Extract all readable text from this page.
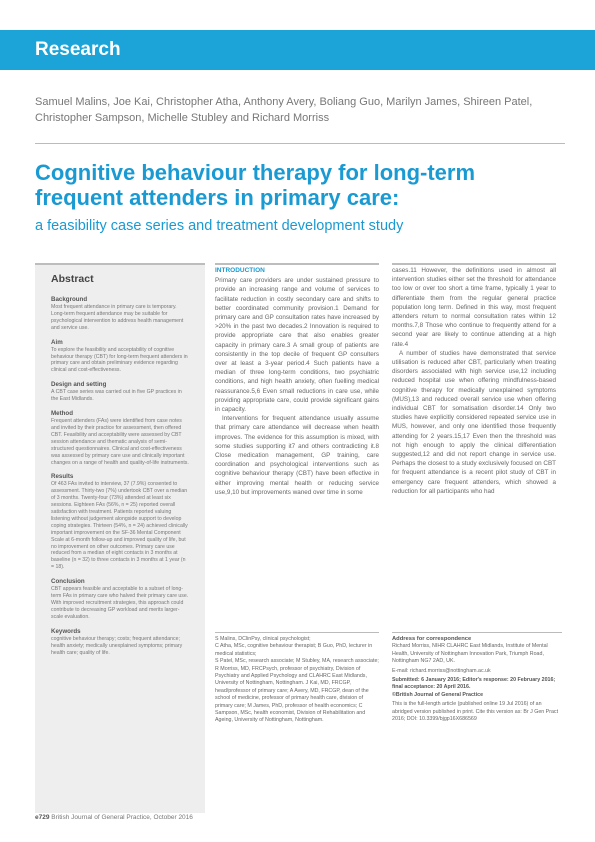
Research
Samuel Malins, Joe Kai, Christopher Atha, Anthony Avery, Boliang Guo, Marilyn James, Shireen Patel, Christopher Sampson, Michelle Stubley and Richard Morriss
Cognitive behaviour therapy for long-term frequent attenders in primary care:
a feasibility case series and treatment development study
Abstract
Background
Most frequent attendance in primary care is temporary. Long-term frequent attendance may be suitable for psychological intervention to address health management and service use.
Aim
To explore the feasibility and acceptability of cognitive behaviour therapy (CBT) for long-term frequent attenders in primary care and obtain preliminary evidence regarding clinical and cost-effectiveness.
Design and setting
A CBT case series was carried out in five GP practices in the East Midlands.
Method
Frequent attenders (FAs) were identified from case notes and invited by their practice for assessment, then offered CBT. Feasibility and acceptability were assessed by CBT session attendance and thematic analysis of semi-structured questionnaires. Clinical and cost-effectiveness was assessed by primary care use and clinically important changes on a range of health and quality-of-life instruments.
Results
Of 463 FAs invited to interview, 37 (7.9%) consented to assessment. Thirty-two (7%) undertook CBT over a median of 3 months. Twenty-four (73%) attended at least six sessions. Eighteen FAs (56%, n = 25) reported overall satisfaction with treatment. Patients reported valuing listening without judgement alongside support to develop coping strategies. Thirteen (54%, n = 24) achieved clinically important improvement on the SF-36 Mental Component Scale at 6-month follow-up and improved quality of life, but no improvement on other outcomes. Primary care use reduced from a median of eight contacts in 3 months at baseline (n = 32) to three contacts in 3 months at 1 year (n = 18).
Conclusion
CBT appears feasible and acceptable to a subset of long-term FAs in primary care who halved their primary care use. With improved recruitment strategies, this approach could contribute to decreasing GP workload and merits larger-scale evaluation.
Keywords
cognitive behaviour therapy; costs; frequent attendance; health anxiety; medically unexplained symptoms; primary health care; quality of life.
INTRODUCTION

Primary care providers are under sustained pressure to provide an increasing range and volume of services to facilitate reduction in costly secondary care and shifts to better coordinated community provision.1 Demand for primary care and GP consultation rates have increased by >20% in the past two decades.2 Innovation is required to provide appropriate care that also enables greater capacity in primary care.3 A small group of patients are consistently in the top decile of frequent GP consulters over at least a 3-year period.4 Such patients have a median of three long-term conditions, two psychiatric conditions, and high health anxiety, often fuelling medical reassurance.5,6 Even small reductions in care use, while providing appropriate care, could provide significant gains in capacity.

Interventions for frequent attendance usually assume that primary care attendance will decrease when health improves. The evidence for this assumption is mixed, with some studies supporting it7 and others contradicting it.8 Close medication management, GP training, care coordination and psychological interventions such as cognitive behaviour therapy (CBT) have been effective in either improving mental health or reducing service use,9,10 but improvements waned over time in some

cases.11 However, the definitions used in almost all intervention studies either set the threshold for attendance too low or over too short a time frame, typically 1 year to differentiate them from the regular general practice population long term. Defined in this way, most frequent attenders return to normal consultation rates within 12 months.7,8 Those who continue to frequently attend for a second year are likely to continue attending at a high rate.4

A number of studies have demonstrated that service utilisation is reduced after CBT, particularly when treating disorders associated with high service use,12 including reduced hospital use when offering mindfulness-based cognitive therapy for medically unexplained symptoms (MUS),13 and reduced overall service use when offering individual CBT for somatisation disorder.14 Only two studies have explicitly considered repeated service use in MUS, however, and only one identified those frequently attending for 2 years.15,17 Even then the threshold was not high enough to apply the clinical differentiation suggested,12 and did not report change in service use. Perhaps the closest to a study exclusively focused on CBT for frequent attendance is a recent pilot study of CBT in emergency care frequent attenders, which showed a reduction for all participants who had

S Malins, DClinPsy, clinical psychologist;
C Atha, MSc, cognitive behaviour therapist; B Guo, PhD, lecturer in medical statistics;
S Patel, MSc, research associate; M Stubley, MA, research associate; R Morriss, MD, FRCPsych, professor of psychiatry, Division of Psychiatry and Applied Psychology and CLAHRC East Midlands, University of Nottingham, Nottingham. J Kai, MD, FRCGP, head/professor of primary care; A Avery, MD, FRCGP, dean of the school of medicine, professor of primary health care, division of primary care; M James, PhD, professor of health economics; C Sampson, MSc, health economist, Division of Rehabilitation and Ageing, University of Nottingham, Nottingham.
Address for correspondence
Richard Morriss, NIHR CLAHRC East Midlands, Institute of Mental Health, University of Nottingham Innovation Park, Triumph Road, Nottingham NG7 2AD, UK.
E-mail: richard.morriss@nottingham.ac.uk
Submitted: 6 January 2016; Editor's response: 20 February 2016; final acceptance: 20 April 2016.
©British Journal of General Practice
This is the full-length article (published online 19 Jul 2016) of an abridged version published in print. Cite this version as: Br J Gen Pract 2016; DOI: 10.3399/bjgp16X686569
e729 British Journal of General Practice, October 2016
